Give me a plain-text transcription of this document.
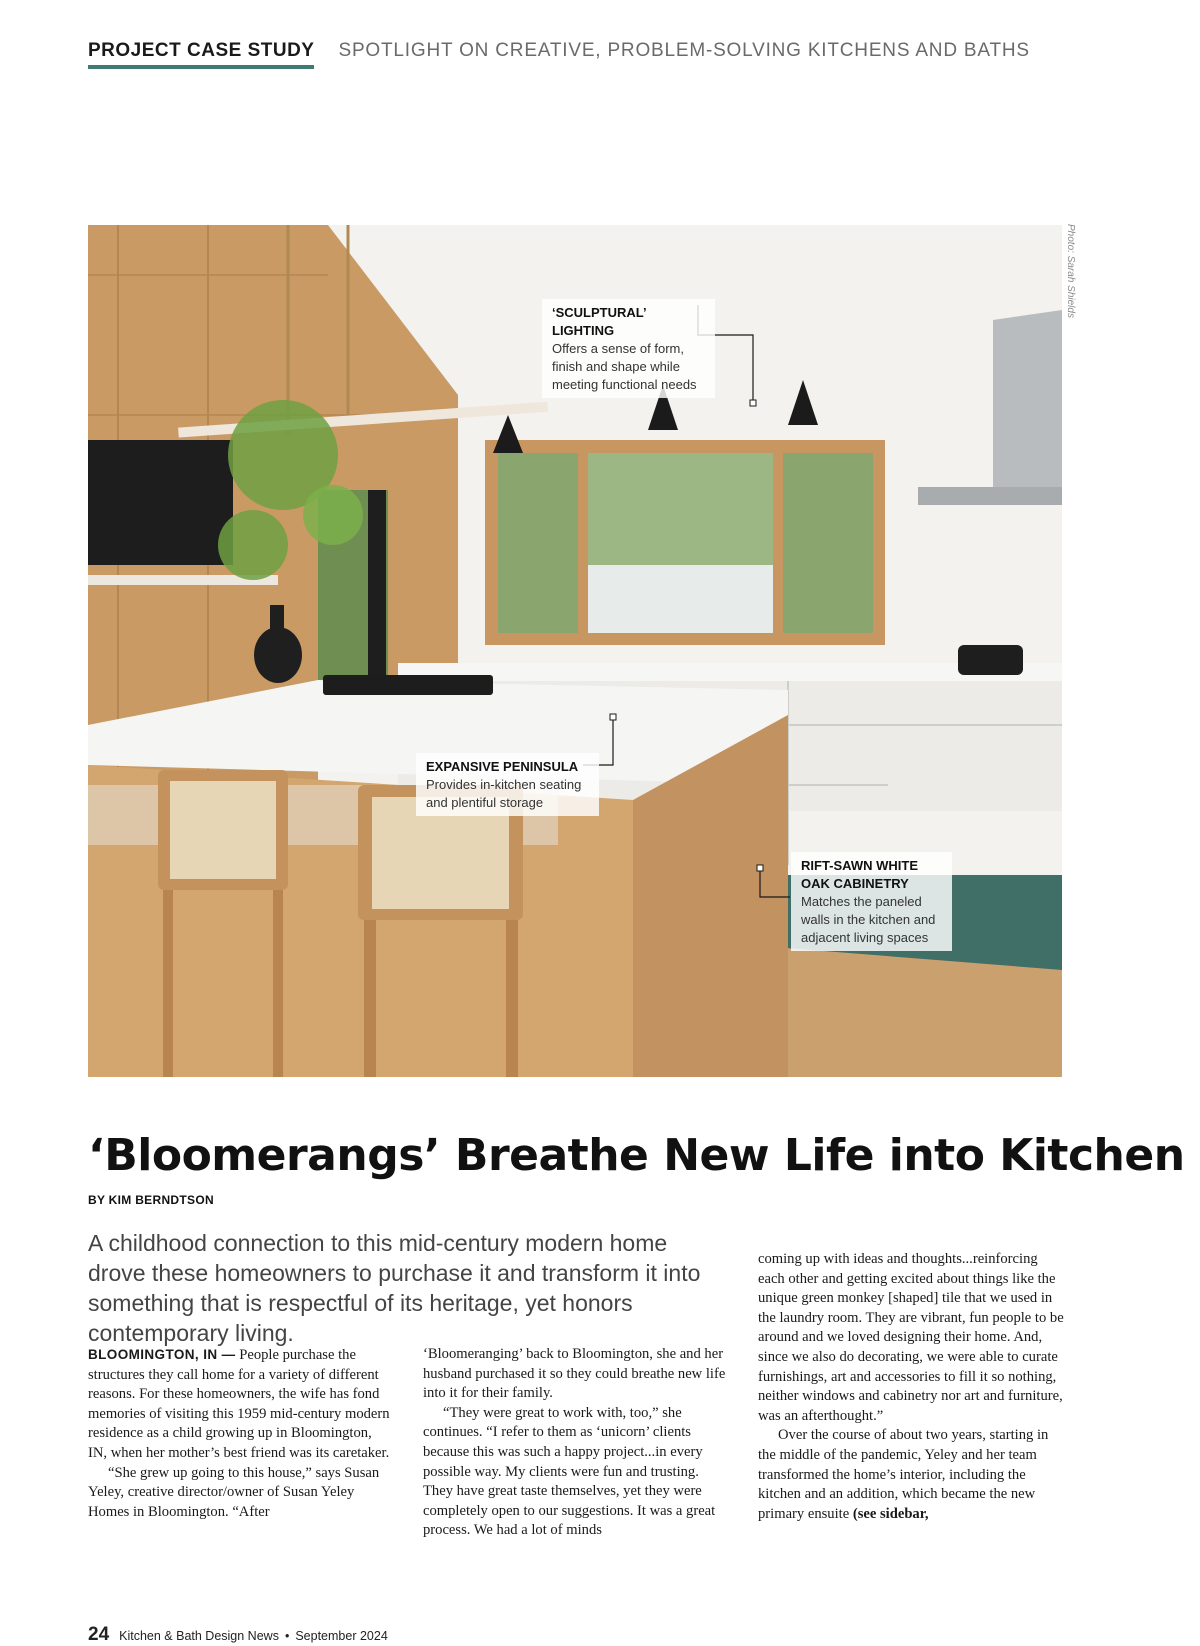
PROJECT CASE STUDY SPOTLIGHT ON CREATIVE, PROBLEM-SOLVING KITCHENS AND BATHS
‘SCULPTURAL’ LIGHTING
Offers a sense of form, finish and shape while meeting functional needs
EXPANSIVE PENINSULA
Provides in-kitchen seating and plentiful storage
RIFT-SAWN WHITE OAK CABINETRY
Matches the paneled walls in the kitchen and adjacent living spaces
Photo: Sarah Shields
‘Bloomerangs’ Breathe New Life into Kitchen
BY KIM BERNDTSON
A childhood connection to this mid-century modern home drove these homeowners to purchase it and transform it into something that is respectful of its heritage, yet honors contemporary living.

BLOOMINGTON, IN — People purchase the structures they call home for a variety of different reasons. For these homeowners, the wife has fond memories of visiting this 1959 mid-century modern residence as a child growing up in Bloomington, IN, when her mother’s best friend was its caretaker.

“She grew up going to this house,” says Susan Yeley, creative director/owner of Susan Yeley Homes in Bloomington. “After

‘Bloomeranging’ back to Bloomington, she and her husband purchased it so they could breathe new life into it for their family.

“They were great to work with, too,” she continues. “I refer to them as ‘unicorn’ clients because this was such a happy project...in every possible way. My clients were fun and trusting. They have great taste themselves, yet they were completely open to our suggestions. It was a great process. We had a lot of minds

coming up with ideas and thoughts...reinforcing each other and getting excited about things like the unique green monkey [shaped] tile that we used in the laundry room. They are vibrant, fun people to be around and we loved designing their home. And, since we also do decorating, we were able to curate furnishings, art and accessories to fill it so nothing, neither windows and cabinetry nor art and furniture, was an afterthought.”

Over the course of about two years, starting in the middle of the pandemic, Yeley and her team transformed the home’s interior, including the kitchen and an addition, which became the new primary ensuite (see sidebar,

24 Kitchen & Bath Design News • September 2024
